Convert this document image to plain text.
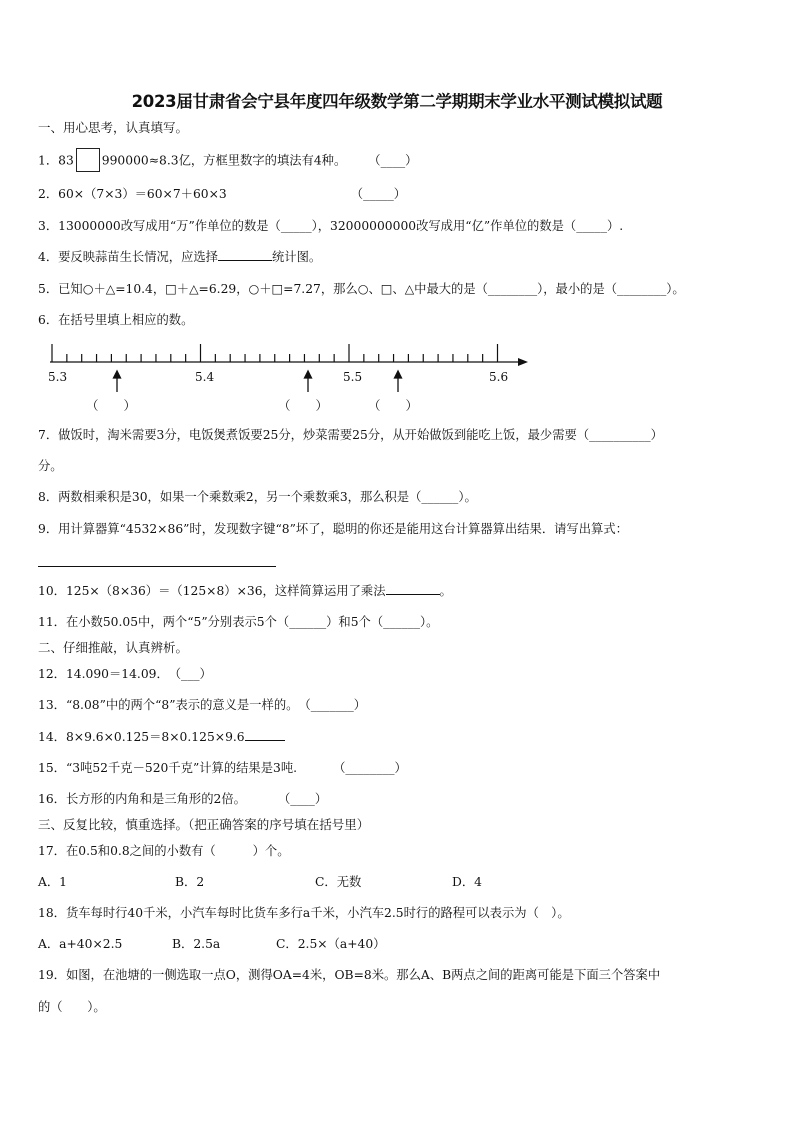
2023届甘肃省会宁县年度四年级数学第二学期期末学业水平测试模拟试题
一、用心思考，认真填写。
1．83 990000≈8.3亿，方框里数字的填法有4种。 （____）
2．60×（7×3）＝60×7＋60×3	（_____）
3．13000000改写成用“万”作单位的数是（_____），32000000000改写成用“亿”作单位的数是（_____）.
4．要反映蒜苗生长情况，应选择	统计图。
5．已知○＋△=10.4，□＋△=6.29，○＋□=7.27，那么○、□、△中最大的是（________），最小的是（________）。
6．在括号里填上相应的数。
5.3	5.4	5.5	5.6
（　　）	（　　）	（　　）
7．做饭时，淘米需要3分，电饭煲煮饭要25分，炒菜需要25分，从开始做饭到能吃上饭，最少需要（__________）
分。
8．两数相乘积是30，如果一个乘数乘2，另一个乘数乘3，那么积是（______）。
9．用计算器算“4532×86”时，发现数字键“8”坏了，聪明的你还是能用这台计算器算出结果．请写出算式：
10．125×（8×36）＝（125×8）×36，这样简算运用了乘法	。
11．在小数50.05中，两个“5”分别表示5个（______）和5个（______）。
二、仔细推敲，认真辨析。
12．14.090＝14.09．　（___）
13．“8.08”中的两个“8”表示的意义是一样的。　（_______）
14．8×9.6×0.125＝8×0.125×9.6
15．“3吨52千克－520千克”计算的结果是3吨.	（________）
16．长方形的内角和是三角形的2倍。	（____）
三、反复比较，慎重选择。（把正确答案的序号填在括号里）
17．在0.5和0.8之间的小数有（　　　）个。
A．1	B．2	C．无数	D．4
18．货车每时行40千米，小汽车每时比货车多行a千米，小汽车2.5时行的路程可以表示为（　）。
A．a+40×2.5	B．2.5a	C．2.5×（a+40）
19．如图，在池塘的一侧选取一点O，测得OA=4米，OB=8米。那么A、B两点之间的距离可能是下面三个答案中
的（　　）。
